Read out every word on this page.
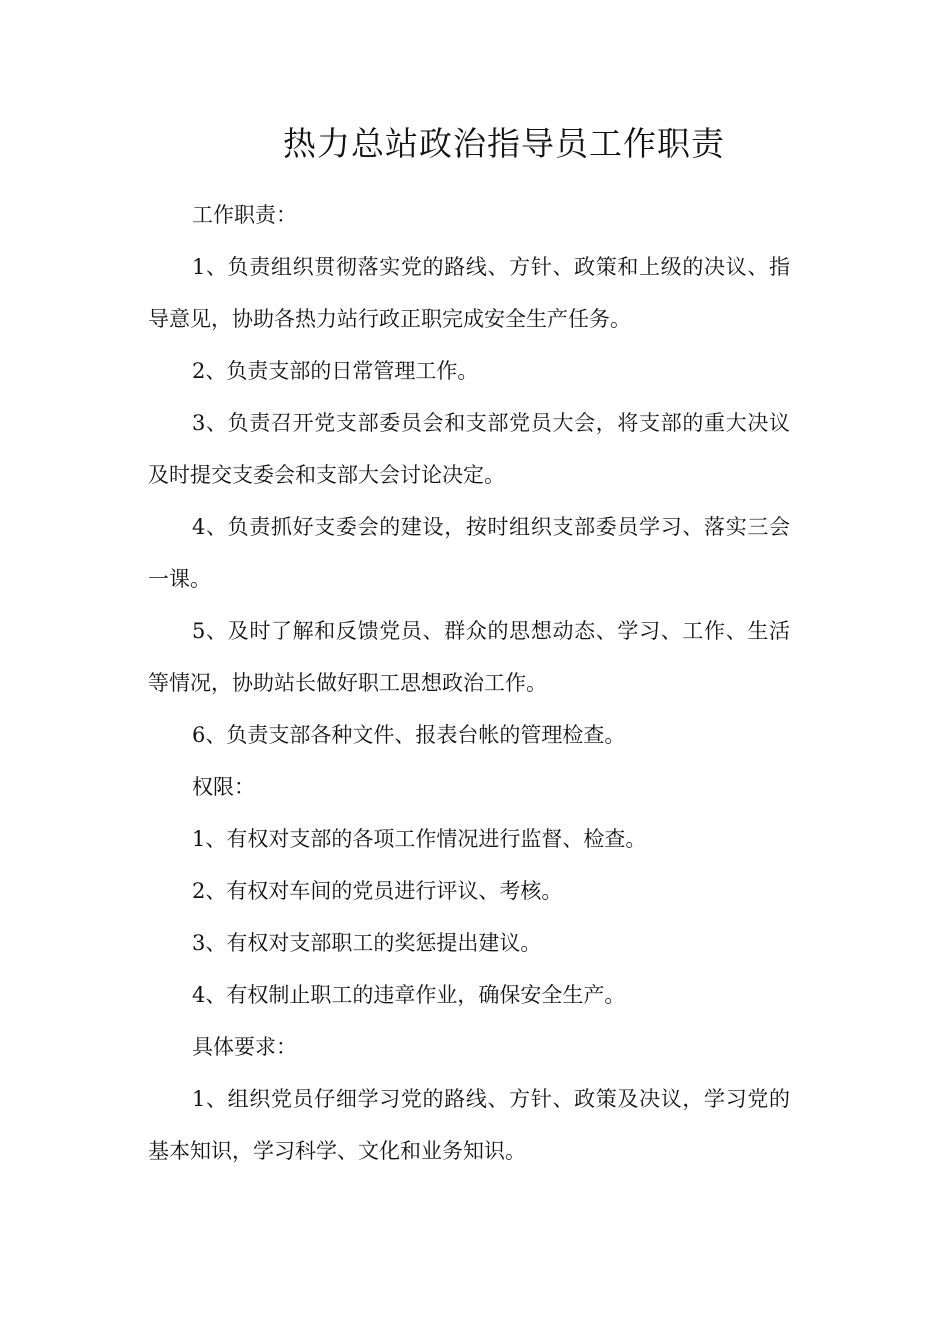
热力总站政治指导员工作职责

工作职责：

1、负责组织贯彻落实党的路线、方针、政策和上级的决议、指导意见，协助各热力站行政正职完成安全生产任务。

2、负责支部的日常管理工作。

3、负责召开党支部委员会和支部党员大会，将支部的重大决议及时提交支委会和支部大会讨论决定。

4、负责抓好支委会的建设，按时组织支部委员学习、落实三会一课。

5、及时了解和反馈党员、群众的思想动态、学习、工作、生活等情况，协助站长做好职工思想政治工作。

6、负责支部各种文件、报表台帐的管理检查。

权限：

1、有权对支部的各项工作情况进行监督、检查。

2、有权对车间的党员进行评议、考核。

3、有权对支部职工的奖惩提出建议。

4、有权制止职工的违章作业，确保安全生产。

具体要求：

1、组织党员仔细学习党的路线、方针、政策及决议，学习党的基本知识，学习科学、文化和业务知识。
